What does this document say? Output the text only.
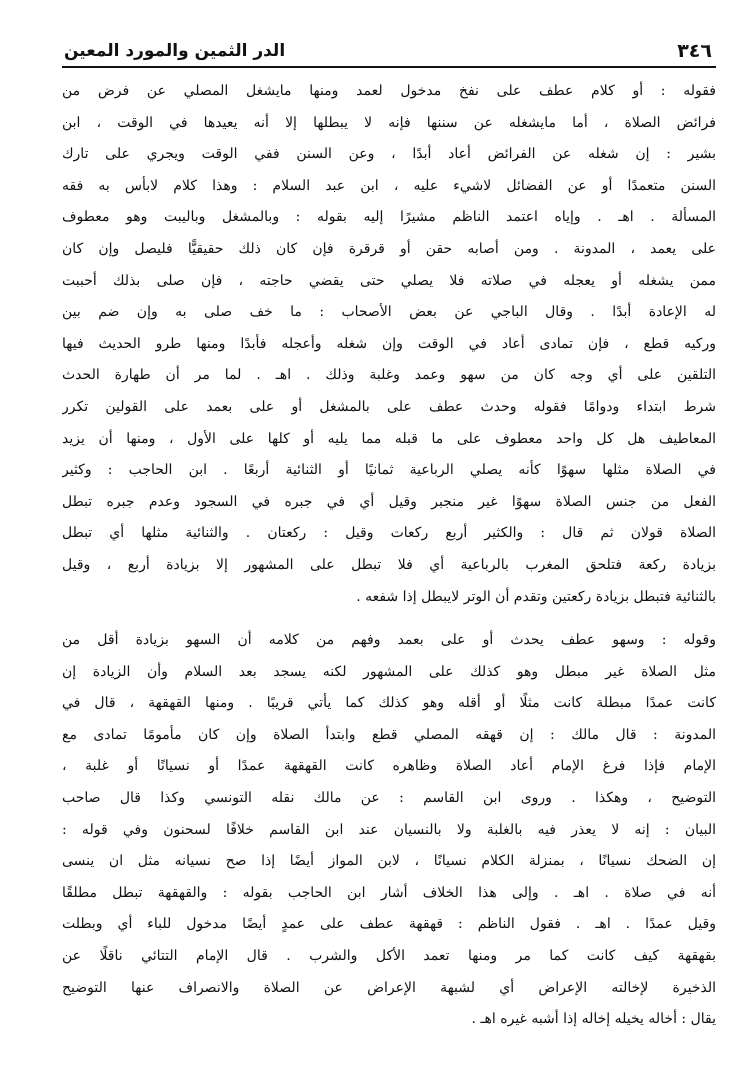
٣٤٦
الدر الثمين والمورد المعين
فقوله : أو كلام عطف على نفخ مدخول لعمد ومنها مايشغل المصلي عن فرض من
فرائض الصلاة ، أما مايشغله عن سننها فإنه لا يبطلها إلا أنه يعيدها في الوقت ، ابن
بشير : إن شغله عن الفرائض أعاد أبدًا ، وعن السنن ففي الوقت ويجري على تارك
السنن متعمدًا أو عن الفضائل لاشيء عليه ، ابن عبد السلام : وهذا كلام لابأس به فقه
المسألة . اهـ . وإياه اعتمد الناظم مشيرًا إليه بقوله : وبالمشغل وباليبت وهو معطوف
على يعمد ، المدونة . ومن أصابه حقن أو قرقرة فإن كان ذلك حقيقيًّا فليصل وإن كان
ممن يشغله أو يعجله في صلاته فلا يصلي حتى يقضي حاجته ، فإن صلى بذلك أحببت
له الإعادة أبدًا . وقال الباجي عن بعض الأصحاب : ما خف صلى به وإن ضم بين
وركيه قطع ، فإن تمادى أعاد في الوقت وإن شغله وأعجله فأبدًا ومنها طرو الحديث فيها
التلقين على أي وجه كان من سهو وعمد وغلبة وذلك . اهـ . لما مر أن طهارة الحدث
شرط ابتداء ودوامًا فقوله وحدث عطف على بالمشغل أو على بعمد على القولين تكرر
المعاطيف هل كل واحد معطوف على ما قبله مما يليه أو كلها على الأول ، ومنها أن يزيد
في الصلاة مثلها سهوًا كأنه يصلي الرباعية ثمانيًا أو الثنائية أربعًا . ابن الحاجب : وكثير
الفعل من جنس الصلاة سهوًا غير منجبر وقيل أي في جبره في السجود وعدم جبره تبطل
الصلاة قولان ثم قال : والكثير أربع ركعات وقيل : ركعتان . والثنائية مثلها أي تبطل
بزيادة ركعة فتلحق المغرب بالرباعية أي فلا تبطل على المشهور إلا بزيادة أربع ، وقيل
بالثنائية فتبطل بزيادة ركعتين وتقدم أن الوتر لايبطل إذا شفعه .
وقوله : وسهو عطف يحدث أو على بعمد وفهم من كلامه أن السهو بزيادة أقل من
مثل الصلاة غير مبطل وهو كذلك على المشهور لكنه يسجد بعد السلام وأن الزيادة إن
كانت عمدًا مبطلة كانت مثلًا أو أقله وهو كذلك كما يأتي قريبًا . ومنها القهقهة ، قال في
المدونة : قال مالك : إن قهقه المصلي قطع وابتدأ الصلاة وإن كان مأمومًا تمادى مع
الإمام فإذا فرغ الإمام أعاد الصلاة وظاهره كانت القهقهة عمدًا أو نسيانًا أو غلبة ،
التوضيح ، وهكذا . وروى ابن القاسم : عن مالك نقله التونسي وكذا قال صاحب
البيان : إنه لا يعذر فيه بالغلبة ولا بالنسيان عند ابن القاسم خلافًا لسحنون وفي قوله :
إن الضحك نسيانًا ، بمنزلة الكلام نسيانًا ، لابن المواز أيضًا إذا صح نسيانه مثل ان ينسى
أنه في صلاة . اهـ . وإلى هذا الخلاف أشار ابن الحاجب بقوله : والقهقهة تبطل مطلقًا
وقيل عمدًا . اهـ . فقول الناظم : قهقهة عطف على عمدٍ أيضًا مدخول للباء أي وبطلت
بقهقهة كيف كانت كما مر ومنها تعمد الأكل والشرب . قال الإمام التتائي ناقلًا عن
الذخيرة لإخالته الإعراض أي لشبهة الإعراض عن الصلاة والانصراف عنها التوضيح
يقال : أخاله يخيله إخاله إذا أشبه غيره اهـ .
